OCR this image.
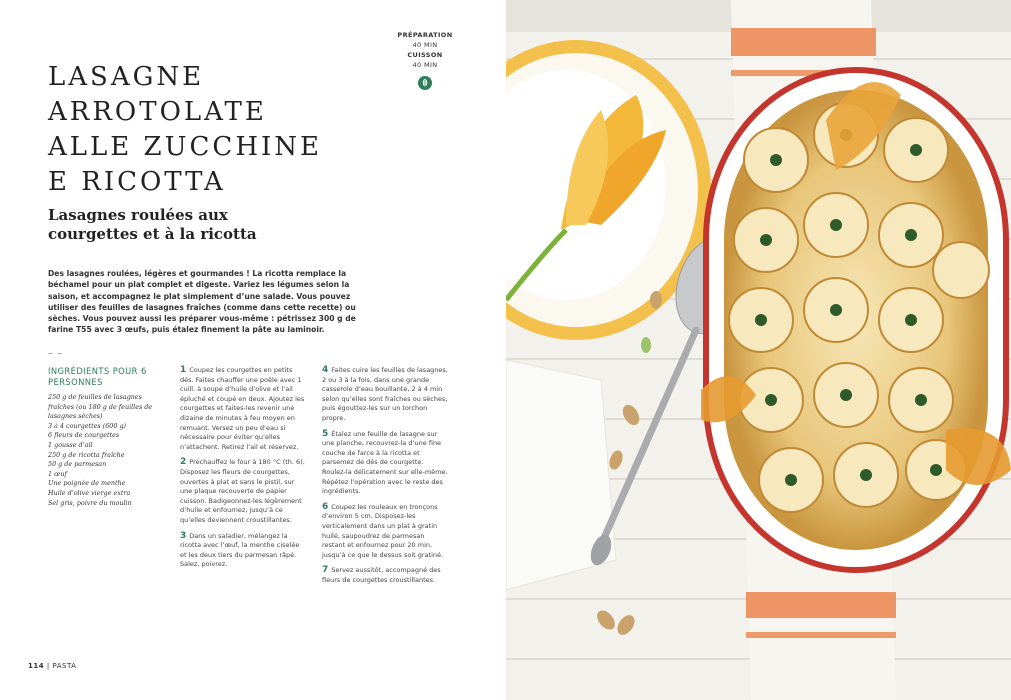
PRÉPARATION
40 MIN
CUISSON
40 MIN
LASAGNE
ARROTOLATE
ALLE ZUCCHINE
E RICOTTA
Lasagnes roulées aux courgettes et à la ricotta

Des lasagnes roulées, légères et gourmandes ! La ricotta remplace la béchamel pour un plat complet et digeste. Variez les légumes selon la saison, et accompagnez le plat simplement d’une salade. Vous pouvez utiliser des feuilles de lasagnes fraîches (comme dans cette recette) ou sèches. Vous pouvez aussi les préparer vous-même : pétrissez 300 g de farine T55 avec 3 œufs, puis étalez finement la pâte au laminoir.

– –
INGRÉDIENTS POUR 6 PERSONNES
250 g de feuilles de lasagnes fraîches (ou 180 g de feuilles de lasagnes sèches)
3 à 4 courgettes (600 g)
6 fleurs de courgettes
1 gousse d’ail
250 g de ricotta fraîche
50 g de parmesan
1 œuf
Une poignée de menthe
Huile d’olive vierge extra
Sel gris, poivre du moulin

1 Coupez les courgettes en petits dés. Faites chauffer une poêle avec 1 cuill. à soupe d’huile d’olive et l’ail épluché et coupé en deux. Ajoutez les courgettes et faites-les revenir une dizaine de minutes à feu moyen en remuant. Versez un peu d’eau si nécessaire pour éviter qu’elles n’attachent. Retirez l’ail et réservez.

2 Préchauffez le four à 180 °C (th. 6). Disposez les fleurs de courgettes, ouvertes à plat et sans le pistil, sur une plaque recouverte de papier cuisson. Badigeonnez-les légèrement d’huile et enfournez, jusqu’à ce qu’elles deviennent croustillantes.

3 Dans un saladier, mélangez la ricotta avec l’œuf, la menthe ciselée et les deux tiers du parmesan râpé. Salez, poivrez.

4 Faites cuire les feuilles de lasagnes, 2 ou 3 à la fois, dans une grande casserole d’eau bouillante, 2 à 4 min selon qu’elles sont fraîches ou sèches, puis égouttez-les sur un torchon propre.

5 Étalez une feuille de lasagne sur une planche, recouvrez-la d’une fine couche de farce à la ricotta et parsemez de dés de courgette. Roulez-la délicatement sur elle-même. Répétez l’opération avec le reste des ingrédients.

6 Coupez les rouleaux en tronçons d’environ 5 cm. Disposez-les verticalement dans un plat à gratin huilé, saupoudrez de parmesan restant et enfournez pour 20 min, jusqu’à ce que le dessus soit gratiné.

7 Servez aussitôt, accompagné des fleurs de courgettes croustillantes.

114 | PASTA
